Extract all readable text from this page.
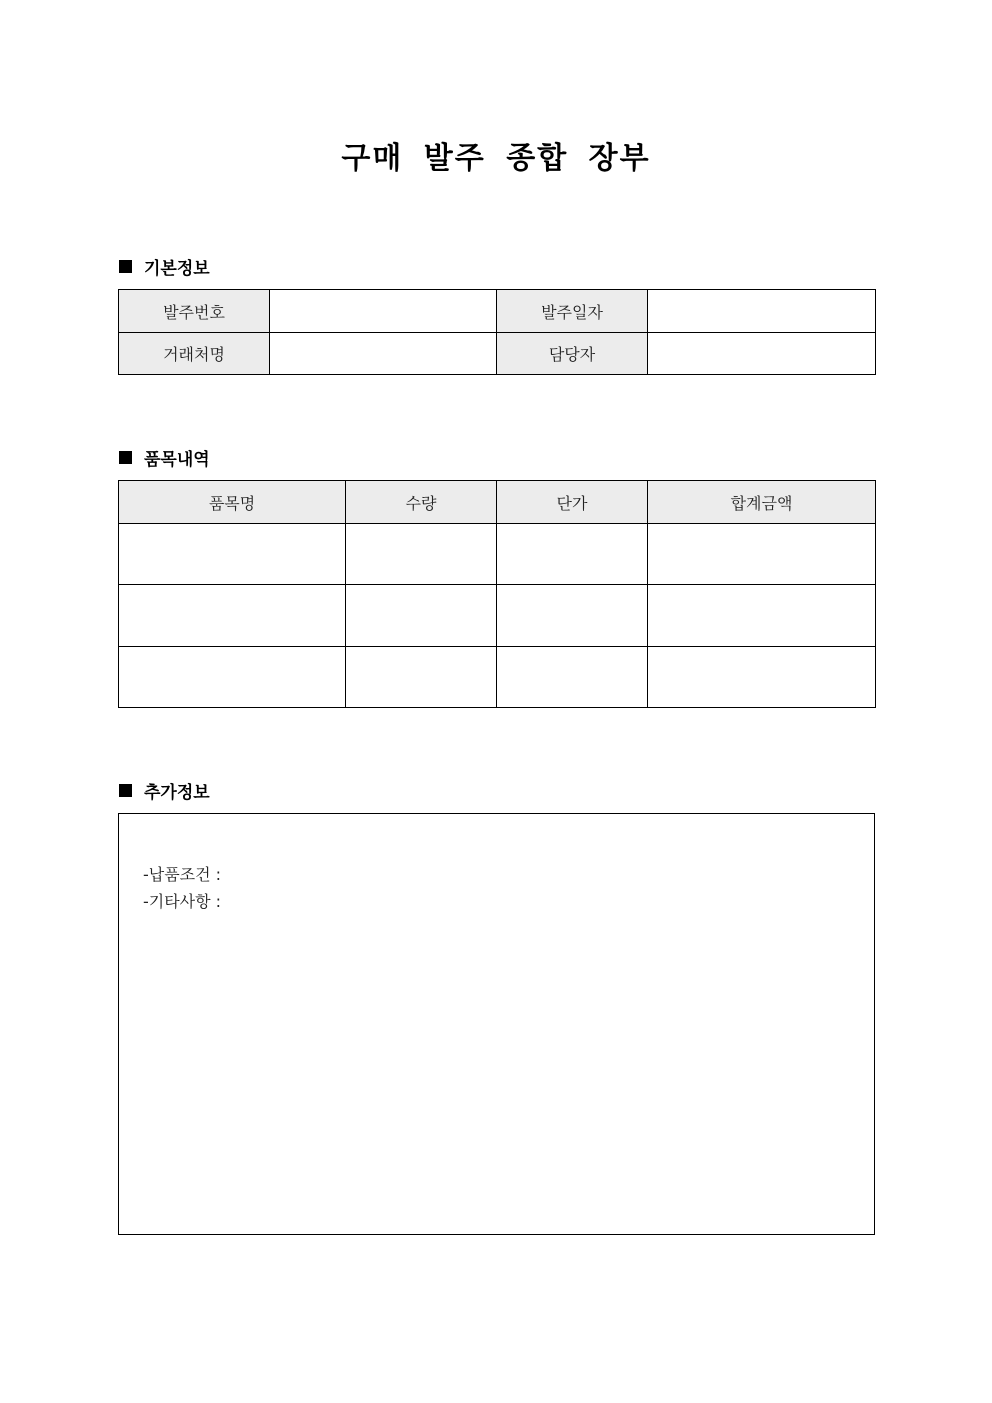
구매 발주 종합 장부
기본정보
발주번호		발주일자	
거래처명		담당자	
품목내역
품목명	수량	단가	합계금액

추가정보
-납품조건 :
-기타사항 :
